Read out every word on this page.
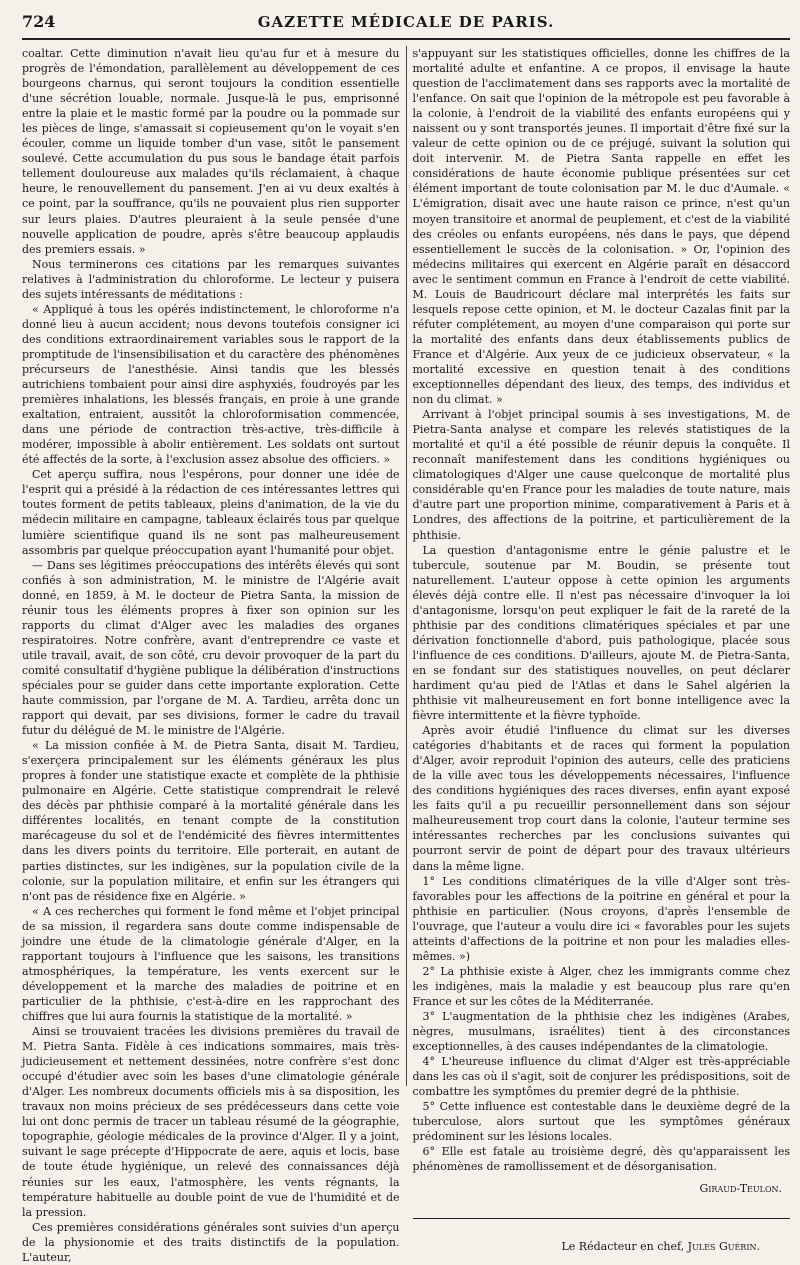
724	GAZETTE MÉDICALE DE PARIS.

coaltar. Cette diminution n'avait lieu qu'au fur et à mesure du progrès de l'émondation, parallèlement au développement de ces bourgeons charnus, qui seront toujours la condition essentielle d'une sécrétion louable, normale. Jusque-là le pus, emprisonné entre la plaie et le mastic formé par la poudre ou la pommade sur les pièces de linge, s'amassait si copieusement qu'on le voyait s'en écouler, comme un liquide tomber d'un vase, sitôt le pansement soulevé. Cette accumulation du pus sous le bandage était parfois tellement douloureuse aux malades qu'ils réclamaient, à chaque heure, le renouvellement du pansement. J'en ai vu deux exaltés à ce point, par la souffrance, qu'ils ne pouvaient plus rien supporter sur leurs plaies. D'autres pleuraient à la seule pensée d'une nouvelle application de poudre, après s'être beaucoup applaudis des premiers essais. »

Nous terminerons ces citations par les remarques suivantes relatives à l'administration du chloroforme. Le lecteur y puisera des sujets intéressants de méditations :

« Appliqué à tous les opérés indistinctement, le chloroforme n'a donné lieu à aucun accident; nous devons toutefois consigner ici des conditions extraordinairement variables sous le rapport de la promptitude de l'insensibilisation et du caractère des phénomènes précurseurs de l'anesthésie. Ainsi tandis que les blessés autrichiens tombaient pour ainsi dire asphyxiés, foudroyés par les premières inhalations, les blessés français, en proie à une grande exaltation, entraient, aussitôt la chloroformisation commencée, dans une période de contraction très-active, très-difficile à modérer, impossible à abolir entièrement. Les soldats ont surtout été affectés de la sorte, à l'exclusion assez absolue des officiers. »

Cet aperçu suffira, nous l'espérons, pour donner une idée de l'esprit qui a présidé à la rédaction de ces intéressantes lettres qui toutes forment de petits tableaux, pleins d'animation, de la vie du médecin militaire en campagne, tableaux éclairés tous par quelque lumière scientifique quand ils ne sont pas malheureusement assombris par quelque préoccupation ayant l'humanité pour objet.

— Dans ses légitimes préoccupations des intérêts élevés qui sont confiés à son administration, M. le ministre de l'Algérie avait donné, en 1859, à M. le docteur de Pietra Santa, la mission de réunir tous les éléments propres à fixer son opinion sur les rapports du climat d'Alger avec les maladies des organes respiratoires. Notre confrère, avant d'entreprendre ce vaste et utile travail, avait, de son côté, cru devoir provoquer de la part du comité consultatif d'hygiène publique la délibération d'instructions spéciales pour se guider dans cette importante exploration. Cette haute commission, par l'organe de M. A. Tardieu, arrêta donc un rapport qui devait, par ses divisions, former le cadre du travail futur du délégué de M. le ministre de l'Algérie.

« La mission confiée à M. de Pietra Santa, disait M. Tardieu, s'exerçera principalement sur les éléments généraux les plus propres à fonder une statistique exacte et complète de la phthisie pulmonaire en Algérie. Cette statistique comprendrait le relevé des décès par phthisie comparé à la mortalité générale dans les différentes localités, en tenant compte de la constitution marécageuse du sol et de l'endémicité des fièvres intermittentes dans les divers points du territoire. Elle porterait, en autant de parties distinctes, sur les indigènes, sur la population civile de la colonie, sur la population militaire, et enfin sur les étrangers qui n'ont pas de résidence fixe en Algérie. »

« A ces recherches qui forment le fond même et l'objet principal de sa mission, il regardera sans doute comme indispensable de joindre une étude de la climatologie générale d'Alger, en la rapportant toujours à l'influence que les saisons, les transitions atmosphériques, la température, les vents exercent sur le développement et la marche des maladies de poitrine et en particulier de la phthisie, c'est-à-dire en les rapprochant des chiffres que lui aura fournis la statistique de la mortalité. »

Ainsi se trouvaient tracées les divisions premières du travail de M. Pietra Santa. Fidèle à ces indications sommaires, mais très-judicieusement et nettement dessinées, notre confrère s'est donc occupé d'étudier avec soin les bases d'une climatologie générale d'Alger. Les nombreux documents officiels mis à sa disposition, les travaux non moins précieux de ses prédécesseurs dans cette voie lui ont donc permis de tracer un tableau résumé de la géographie, topographie, géologie médicales de la province d'Alger. Il y a joint, suivant le sage précepte d'Hippocrate de aere, aquis et locis, base de toute étude hygiénique, un relevé des connaissances déjà réunies sur les eaux, l'atmosphère, les vents régnants, la température habituelle au double point de vue de l'humidité et de la pression.

Ces premières considérations générales sont suivies d'un aperçu de la physionomie et des traits distinctifs de la population. L'auteur,

s'appuyant sur les statistiques officielles, donne les chiffres de la mortalité adulte et enfantine. A ce propos, il envisage la haute question de l'acclimatement dans ses rapports avec la mortalité de l'enfance. On sait que l'opinion de la métropole est peu favorable à la colonie, à l'endroit de la viabilité des enfants européens qui y naissent ou y sont transportés jeunes. Il importait d'être fixé sur la valeur de cette opinion ou de ce préjugé, suivant la solution qui doit intervenir. M. de Pietra Santa rappelle en effet les considérations de haute économie publique présentées sur cet élément important de toute colonisation par M. le duc d'Aumale. « L'émigration, disait avec une haute raison ce prince, n'est qu'un moyen transitoire et anormal de peuplement, et c'est de la viabilité des créoles ou enfants européens, nés dans le pays, que dépend essentiellement le succès de la colonisation. » Or, l'opinion des médecins militaires qui exercent en Algérie paraît en désaccord avec le sentiment commun en France à l'endroit de cette viabilité. M. Louis de Baudricourt déclare mal interprétés les faits sur lesquels repose cette opinion, et M. le docteur Cazalas finit par la réfuter complétement, au moyen d'une comparaison qui porte sur la mortalité des enfants dans deux établissements publics de France et d'Algérie. Aux yeux de ce judicieux observateur, « la mortalité excessive en question tenait à des conditions exceptionnelles dépendant des lieux, des temps, des individus et non du climat. »

Arrivant à l'objet principal soumis à ses investigations, M. de Pietra-Santa analyse et compare les relevés statistiques de la mortalité et qu'il a été possible de réunir depuis la conquête. Il reconnaît manifestement dans les conditions hygiéniques ou climatologiques d'Alger une cause quelconque de mortalité plus considérable qu'en France pour les maladies de toute nature, mais d'autre part une proportion minime, comparativement à Paris et à Londres, des affections de la poitrine, et particulièrement de la phthisie.

La question d'antagonisme entre le génie palustre et le tubercule, soutenue par M. Boudin, se présente tout naturellement. L'auteur oppose à cette opinion les arguments élevés déjà contre elle. Il n'est pas nécessaire d'invoquer la loi d'antagonisme, lorsqu'on peut expliquer le fait de la rareté de la phthisie par des conditions climatériques spéciales et par une dérivation fonctionnelle d'abord, puis pathologique, placée sous l'influence de ces conditions. D'ailleurs, ajoute M. de Pietra-Santa, en se fondant sur des statistiques nouvelles, on peut déclarer hardiment qu'au pied de l'Atlas et dans le Sahel algérien la phthisie vit malheureusement en fort bonne intelligence avec la fièvre intermittente et la fièvre typhoïde.

Après avoir étudié l'influence du climat sur les diverses catégories d'habitants et de races qui forment la population d'Alger, avoir reproduit l'opinion des auteurs, celle des praticiens de la ville avec tous les développements nécessaires, l'influence des conditions hygiéniques des races diverses, enfin ayant exposé les faits qu'il a pu recueillir personnellement dans son séjour malheureusement trop court dans la colonie, l'auteur termine ses intéressantes recherches par les conclusions suivantes qui pourront servir de point de départ pour des travaux ultérieurs dans la même ligne.

1° Les conditions climatériques de la ville d'Alger sont très-favorables pour les affections de la poitrine en général et pour la phthisie en particulier. (Nous croyons, d'après l'ensemble de l'ouvrage, que l'auteur a voulu dire ici « favorables pour les sujets atteints d'affections de la poitrine et non pour les maladies elles-mêmes. »)

2° La phthisie existe à Alger, chez les immigrants comme chez les indigènes, mais la maladie y est beaucoup plus rare qu'en France et sur les côtes de la Méditerranée.

3° L'augmentation de la phthisie chez les indigènes (Arabes, nègres, musulmans, israélites) tient à des circonstances exceptionnelles, à des causes indépendantes de la climatologie.

4° L'heureuse influence du climat d'Alger est très-appréciable dans les cas où il s'agit, soit de conjurer les prédispositions, soit de combattre les symptômes du premier degré de la phthisie.

5° Cette influence est contestable dans le deuxième degré de la tuberculose, alors surtout que les symptômes généraux prédominent sur les lésions locales.

6° Elle est fatale au troisième degré, dès qu'apparaissent les phénomènes de ramollissement et de désorganisation.

Giraud-Teulon.
Le Rédacteur en chef, Jules Guérin.
